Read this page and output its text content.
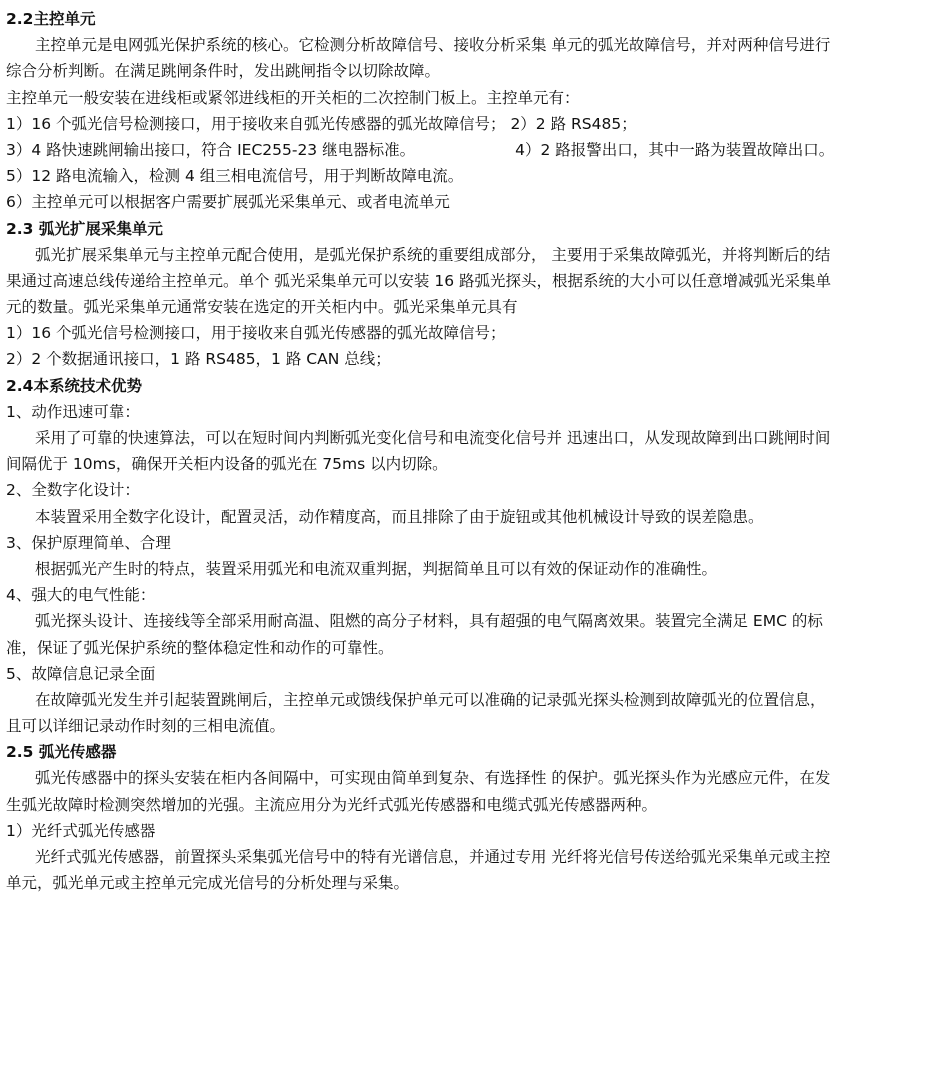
2.2主控单元
主控单元是电网弧光保护系统的核心。它检测分析故障信号、接收分析采集 单元的弧光故障信号，并对两种信号进行
综合分析判断。在满足跳闸条件时，发出跳闸指令以切除故障。
主控单元一般安装在进线柜或紧邻进线柜的开关柜的二次控制门板上。主控单元有：
1）16 个弧光信号检测接口，用于接收来自弧光传感器的弧光故障信号； 2）2 路 RS485；
3）4 路快速跳闸输出接口，符合 IEC255-23 继电器标准。	4）2 路报警出口，其中一路为装置故障出口。
5）12 路电流输入，检测 4 组三相电流信号，用于判断故障电流。
6）主控单元可以根据客户需要扩展弧光采集单元、或者电流单元
2.3 弧光扩展采集单元
弧光扩展采集单元与主控单元配合使用，是弧光保护系统的重要组成部分， 主要用于采集故障弧光，并将判断后的结
果通过高速总线传递给主控单元。单个 弧光采集单元可以安装 16 路弧光探头，根据系统的大小可以任意增减弧光采集单
元的数量。弧光采集单元通常安装在选定的开关柜内中。弧光采集单元具有
1）16 个弧光信号检测接口，用于接收来自弧光传感器的弧光故障信号；
2）2 个数据通讯接口，1 路 RS485，1 路 CAN 总线；
2.4本系统技术优势
1、动作迅速可靠：
采用了可靠的快速算法，可以在短时间内判断弧光变化信号和电流变化信号并 迅速出口，从发现故障到出口跳闸时间
间隔优于 10ms，确保开关柜内设备的弧光在 75ms 以内切除。
2、全数字化设计：
本装置采用全数字化设计，配置灵活，动作精度高，而且排除了由于旋钮或其他机械设计导致的误差隐患。
3、保护原理简单、合理
根据弧光产生时的特点，装置采用弧光和电流双重判据，判据简单且可以有效的保证动作的准确性。
4、强大的电气性能：
弧光探头设计、连接线等全部采用耐高温、阻燃的高分子材料，具有超强的电气隔离效果。装置完全满足 EMC 的标
准，保证了弧光保护系统的整体稳定性和动作的可靠性。
5、故障信息记录全面
在故障弧光发生并引起装置跳闸后，主控单元或馈线保护单元可以准确的记录弧光探头检测到故障弧光的位置信息，
且可以详细记录动作时刻的三相电流值。
2.5 弧光传感器
弧光传感器中的探头安装在柜内各间隔中，可实现由简单到复杂、有选择性 的保护。弧光探头作为光感应元件，在发
生弧光故障时检测突然增加的光强。主流应用分为光纤式弧光传感器和电缆式弧光传感器两种。
1）光纤式弧光传感器
光纤式弧光传感器，前置探头采集弧光信号中的特有光谱信息，并通过专用 光纤将光信号传送给弧光采集单元或主控
单元，弧光单元或主控单元完成光信号的分析处理与采集。
